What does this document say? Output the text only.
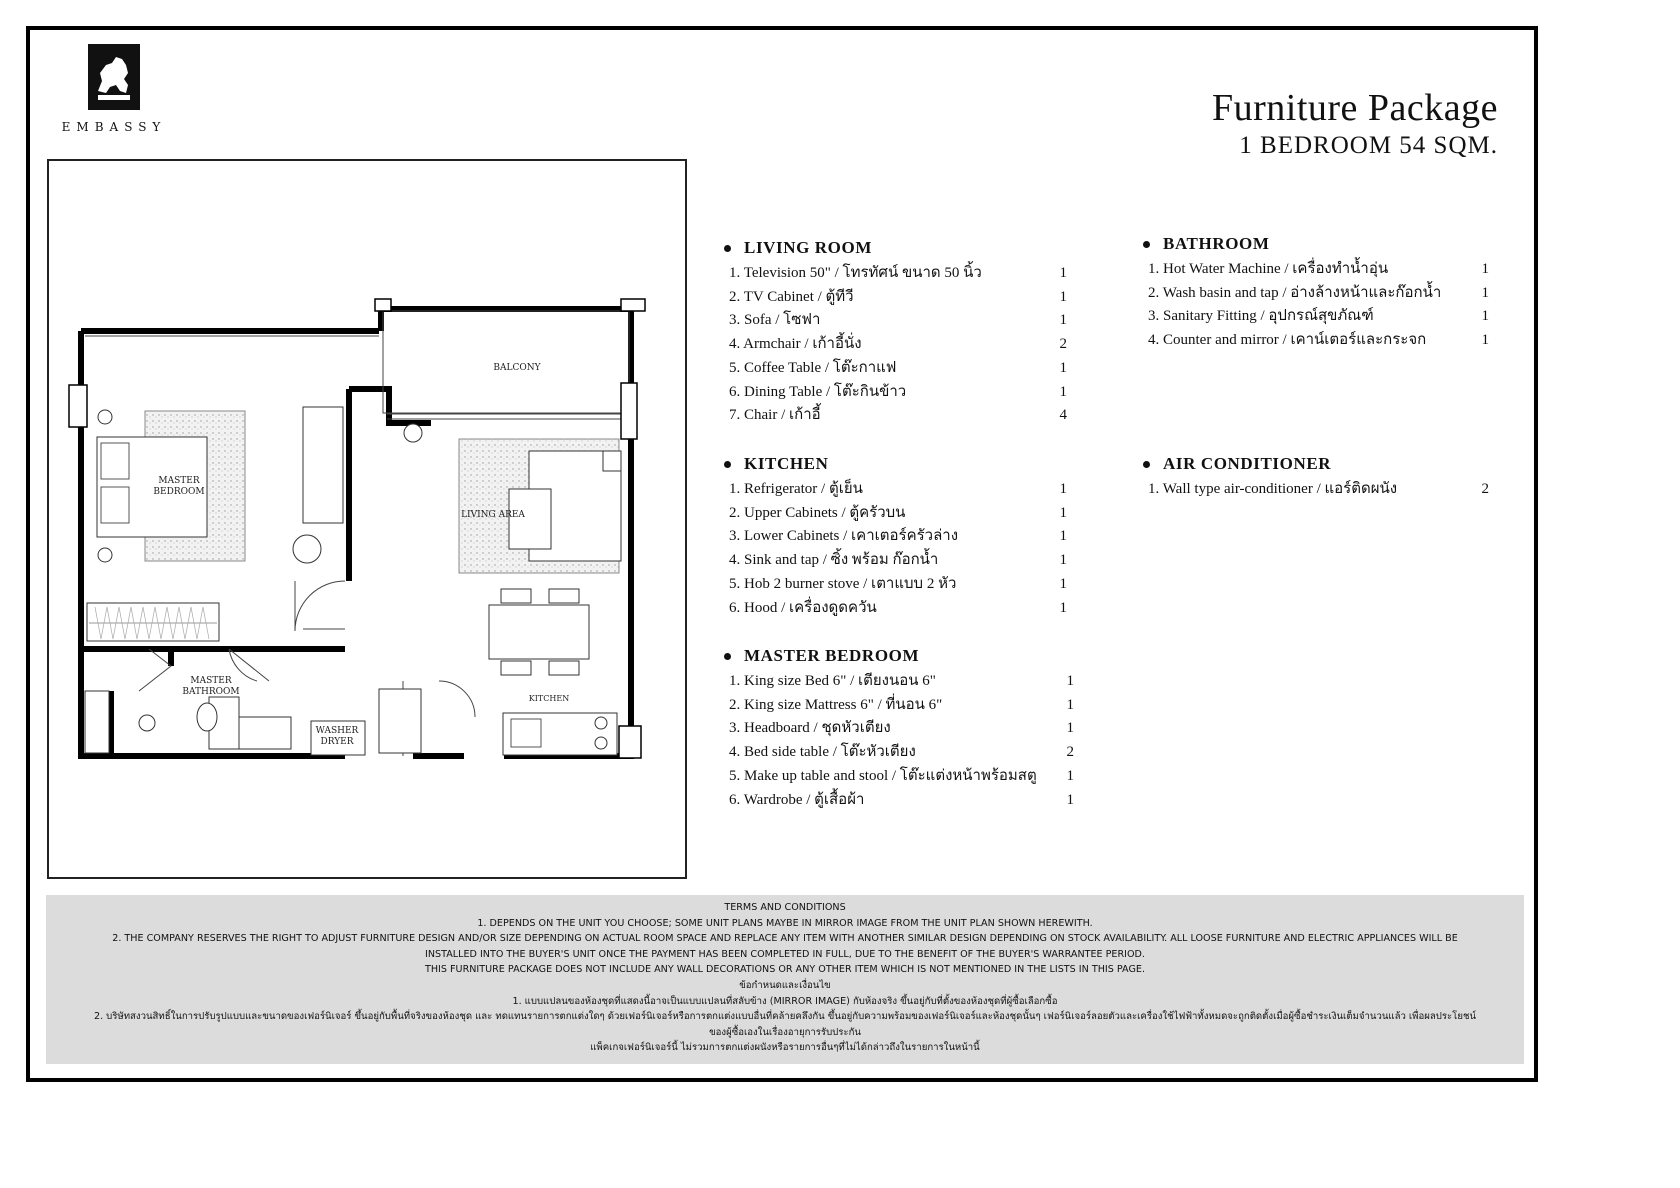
EMBASSY	Furniture Package
1 BEDROOM 54 SQM.
BALCONY
MASTER
BEDROOM
LIVING AREA
MASTER
BATHROOM
WASHER
DRYER
KITCHEN
LIVING ROOM
1. Television 50" / โทรทัศน์ ขนาด 50 นิ้ว	1
2. TV Cabinet / ตู้ทีวี	1
3. Sofa / โซฟา	1
4. Armchair / เก้าอี้นั่ง	2
5. Coffee Table / โต๊ะกาแฟ	1
6. Dining Table / โต๊ะกินข้าว	1
7. Chair / เก้าอี้	4
KITCHEN
1. Refrigerator / ตู้เย็น	1
2. Upper Cabinets / ตู้ครัวบน	1
3. Lower Cabinets / เคาเตอร์ครัวล่าง	1
4. Sink and tap / ซิ้ง พร้อม ก๊อกน้ำ	1
5. Hob 2 burner stove / เตาแบบ 2 หัว	1
6. Hood / เครื่องดูดควัน	1
MASTER BEDROOM
1. King size Bed 6" / เตียงนอน 6"	1
2. King size Mattress 6" / ที่นอน 6"	1
3. Headboard / ชุดหัวเตียง	1
4. Bed side table / โต๊ะหัวเตียง	2
5. Make up table and stool / โต๊ะแต่งหน้าพร้อมสตู	1
6. Wardrobe / ตู้เสื้อผ้า	1
BATHROOM
1. Hot Water Machine / เครื่องทำน้ำอุ่น	1
2. Wash basin and tap / อ่างล้างหน้าและก๊อกน้ำ	1
3. Sanitary Fitting / อุปกรณ์สุขภัณฑ์	1
4. Counter and mirror / เคาน์เตอร์และกระจก	1
AIR CONDITIONER
1. Wall type air-conditioner / แอร์ติดผนัง	2

TERMS AND CONDITIONS

1. DEPENDS ON THE UNIT YOU CHOOSE; SOME UNIT PLANS MAYBE IN MIRROR IMAGE FROM THE UNIT PLAN SHOWN HEREWITH.

2. THE COMPANY RESERVES THE RIGHT TO ADJUST FURNITURE DESIGN AND/OR SIZE DEPENDING ON ACTUAL ROOM SPACE AND REPLACE ANY ITEM WITH ANOTHER SIMILAR DESIGN DEPENDING ON STOCK AVAILABILITY. ALL LOOSE FURNITURE AND ELECTRIC APPLIANCES WILL BE INSTALLED INTO THE BUYER'S UNIT ONCE THE PAYMENT HAS BEEN COMPLETED IN FULL, DUE TO THE BENEFIT OF THE BUYER'S WARRANTEE PERIOD.

THIS FURNITURE PACKAGE DOES NOT INCLUDE ANY WALL DECORATIONS OR ANY OTHER ITEM WHICH IS NOT MENTIONED IN THE LISTS IN THIS PAGE.

ข้อกำหนดและเงื่อนไข

1. แบบแปลนของห้องชุดที่แสดงนี้อาจเป็นแบบแปลนที่สลับข้าง (MIRROR IMAGE) กับห้องจริง ขึ้นอยู่กับที่ตั้งของห้องชุดที่ผู้ซื้อเลือกซื้อ

2. บริษัทสงวนสิทธิ์ในการปรับรูปแบบและขนาดของเฟอร์นิเจอร์ ขึ้นอยู่กับพื้นที่จริงของห้องชุด และ ทดแทนรายการตกแต่งใดๆ ด้วยเฟอร์นิเจอร์หรือการตกแต่งแบบอื่นที่คล้ายคลึงกัน ขึ้นอยู่กับความพร้อมของเฟอร์นิเจอร์และห้องชุดนั้นๆ เฟอร์นิเจอร์ลอยตัวและเครื่องใช้ไฟฟ้าทั้งหมดจะถูกติดตั้งเมื่อผู้ซื้อชำระเงินเต็มจำนวนแล้ว เพื่อผลประโยชน์ของผู้ซื้อเองในเรื่องอายุการรับประกัน

แพ็คเกจเฟอร์นิเจอร์นี้ ไม่รวมการตกแต่งผนังหรือรายการอื่นๆที่ไม่ได้กล่าวถึงในรายการในหน้านี้
